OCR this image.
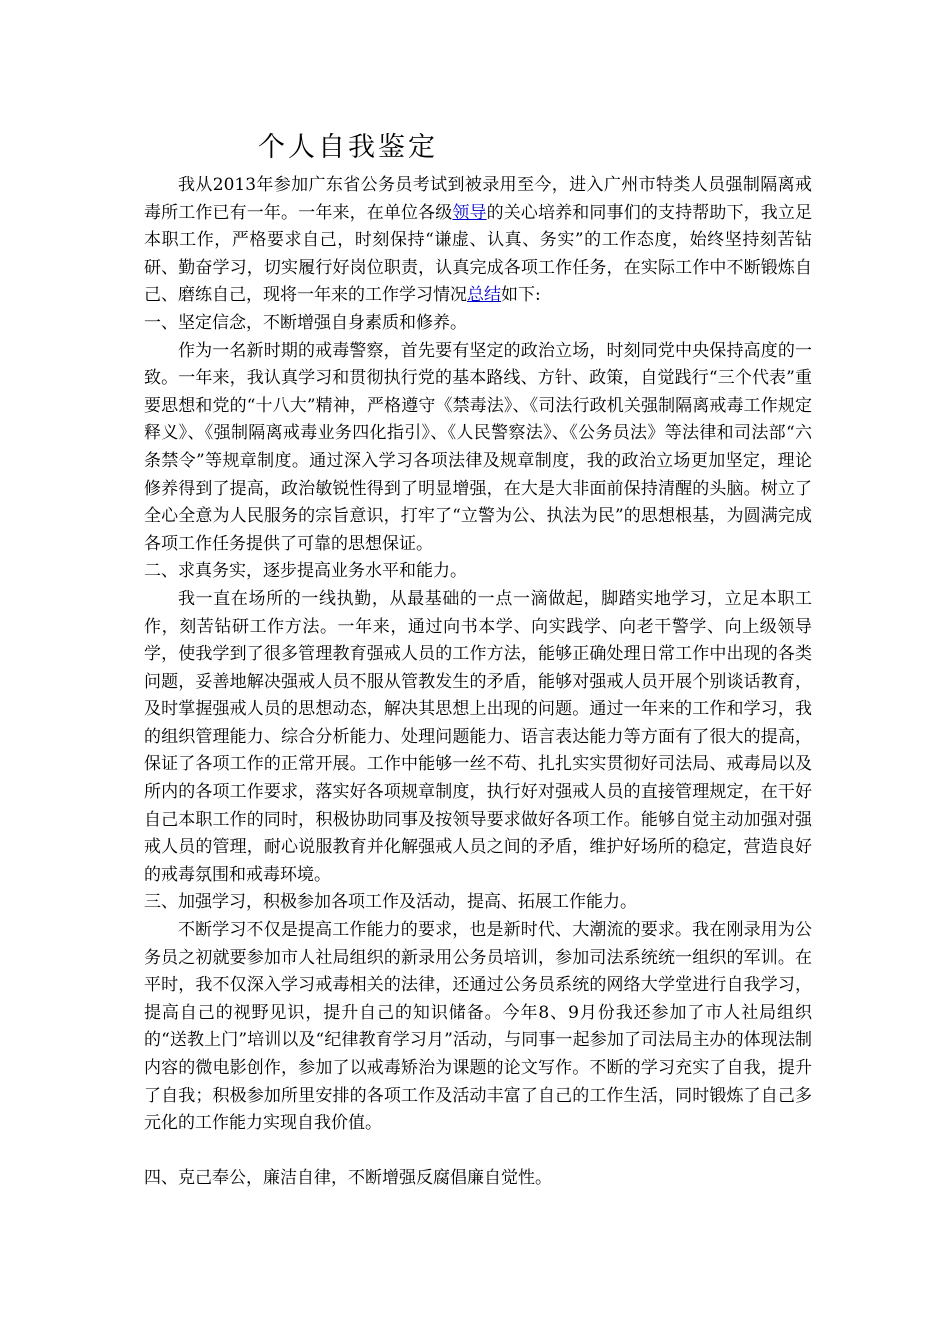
个人自我鉴定

我从2013年参加广东省公务员考试到被录用至今，进入广州市特类人员强制隔离戒毒所工作已有一年。一年来，在单位各级领导的关心培养和同事们的支持帮助下，我立足本职工作，严格要求自己，时刻保持“谦虚、认真、务实”的工作态度，始终坚持刻苦钻研、勤奋学习，切实履行好岗位职责，认真完成各项工作任务，在实际工作中不断锻炼自己、磨练自己，现将一年来的工作学习情况总结如下:

一、坚定信念，不断增强自身素质和修养。

作为一名新时期的戒毒警察，首先要有坚定的政治立场，时刻同党中央保持高度的一致。一年来，我认真学习和贯彻执行党的基本路线、方针、政策，自觉践行“三个代表”重要思想和党的“十八大”精神，严格遵守《禁毒法》、《司法行政机关强制隔离戒毒工作规定释义》、《强制隔离戒毒业务四化指引》、《人民警察法》、《公务员法》等法律和司法部“六条禁令”等规章制度。通过深入学习各项法律及规章制度，我的政治立场更加坚定，理论修养得到了提高，政治敏锐性得到了明显增强，在大是大非面前保持清醒的头脑。树立了全心全意为人民服务的宗旨意识，打牢了“立警为公、执法为民”的思想根基，为圆满完成各项工作任务提供了可靠的思想保证。

二、求真务实，逐步提高业务水平和能力。

我一直在场所的一线执勤，从最基础的一点一滴做起，脚踏实地学习，立足本职工作，刻苦钻研工作方法。一年来，通过向书本学、向实践学、向老干警学、向上级领导学，使我学到了很多管理教育强戒人员的工作方法，能够正确处理日常工作中出现的各类问题，妥善地解决强戒人员不服从管教发生的矛盾，能够对强戒人员开展个别谈话教育，及时掌握强戒人员的思想动态，解决其思想上出现的问题。通过一年来的工作和学习，我的组织管理能力、综合分析能力、处理问题能力、语言表达能力等方面有了很大的提高，保证了各项工作的正常开展。工作中能够一丝不苟、扎扎实实贯彻好司法局、戒毒局以及所内的各项工作要求，落实好各项规章制度，执行好对强戒人员的直接管理规定，在干好自己本职工作的同时，积极协助同事及按领导要求做好各项工作。能够自觉主动加强对强戒人员的管理，耐心说服教育并化解强戒人员之间的矛盾，维护好场所的稳定，营造良好的戒毒氛围和戒毒环境。

三、加强学习，积极参加各项工作及活动，提高、拓展工作能力。

不断学习不仅是提高工作能力的要求，也是新时代、大潮流的要求。我在刚录用为公务员之初就要参加市人社局组织的新录用公务员培训，参加司法系统统一组织的军训。在平时，我不仅深入学习戒毒相关的法律，还通过公务员系统的网络大学堂进行自我学习，提高自己的视野见识，提升自己的知识储备。今年8、9月份我还参加了市人社局组织的“送教上门”培训以及“纪律教育学习月”活动，与同事一起参加了司法局主办的体现法制内容的微电影创作，参加了以戒毒矫治为课题的论文写作。不断的学习充实了自我，提升了自我；积极参加所里安排的各项工作及活动丰富了自己的工作生活，同时锻炼了自己多元化的工作能力实现自我价值。

四、克己奉公，廉洁自律，不断增强反腐倡廉自觉性。
